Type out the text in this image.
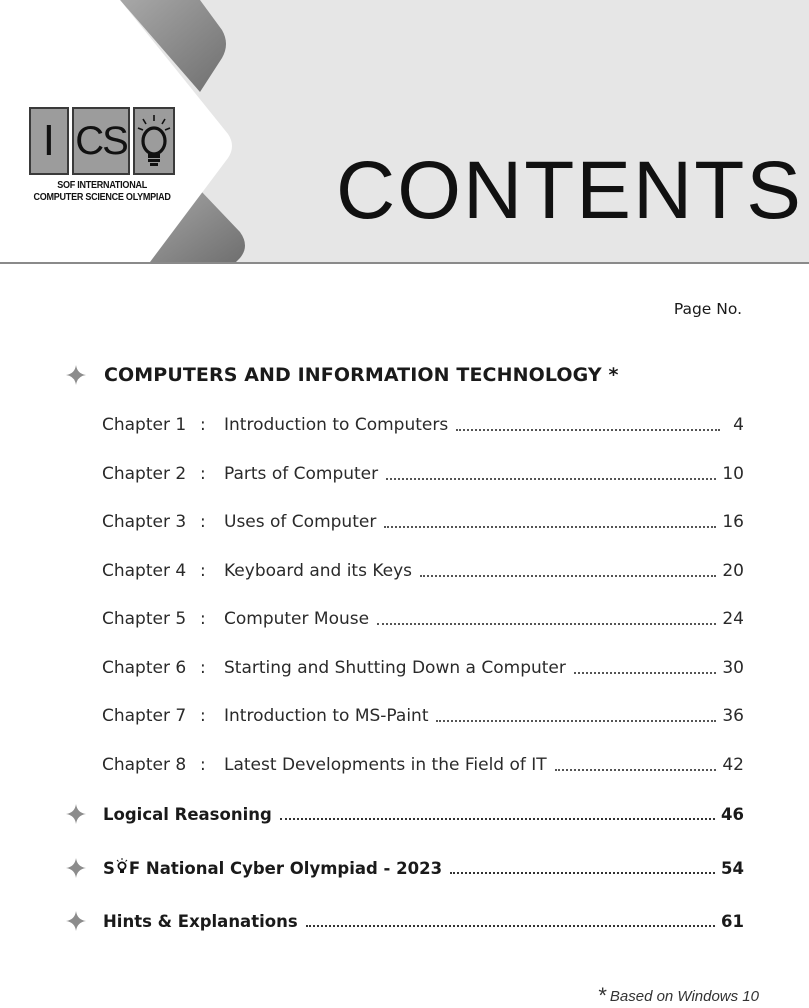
I CS
SOF INTERNATIONAL
COMPUTER SCIENCE OLYMPIAD CONTENTS
Page No.
COMPUTERS AND INFORMATION TECHNOLOGY *
Chapter 1 :	Introduction to Computers	4
Chapter 2 :	Parts of Computer	10
Chapter 3 :	Uses of Computer	16
Chapter 4 :	Keyboard and its Keys	20
Chapter 5 :	Computer Mouse	24
Chapter 6 :	Starting and Shutting Down a Computer	30
Chapter 7 :	Introduction to MS-Paint	36
Chapter 8 :	Latest Developments in the Field of IT	42
Logical Reasoning	46
S F National Cyber Olympiad - 2023	54
Hints & Explanations	61
* Based on Windows 10
